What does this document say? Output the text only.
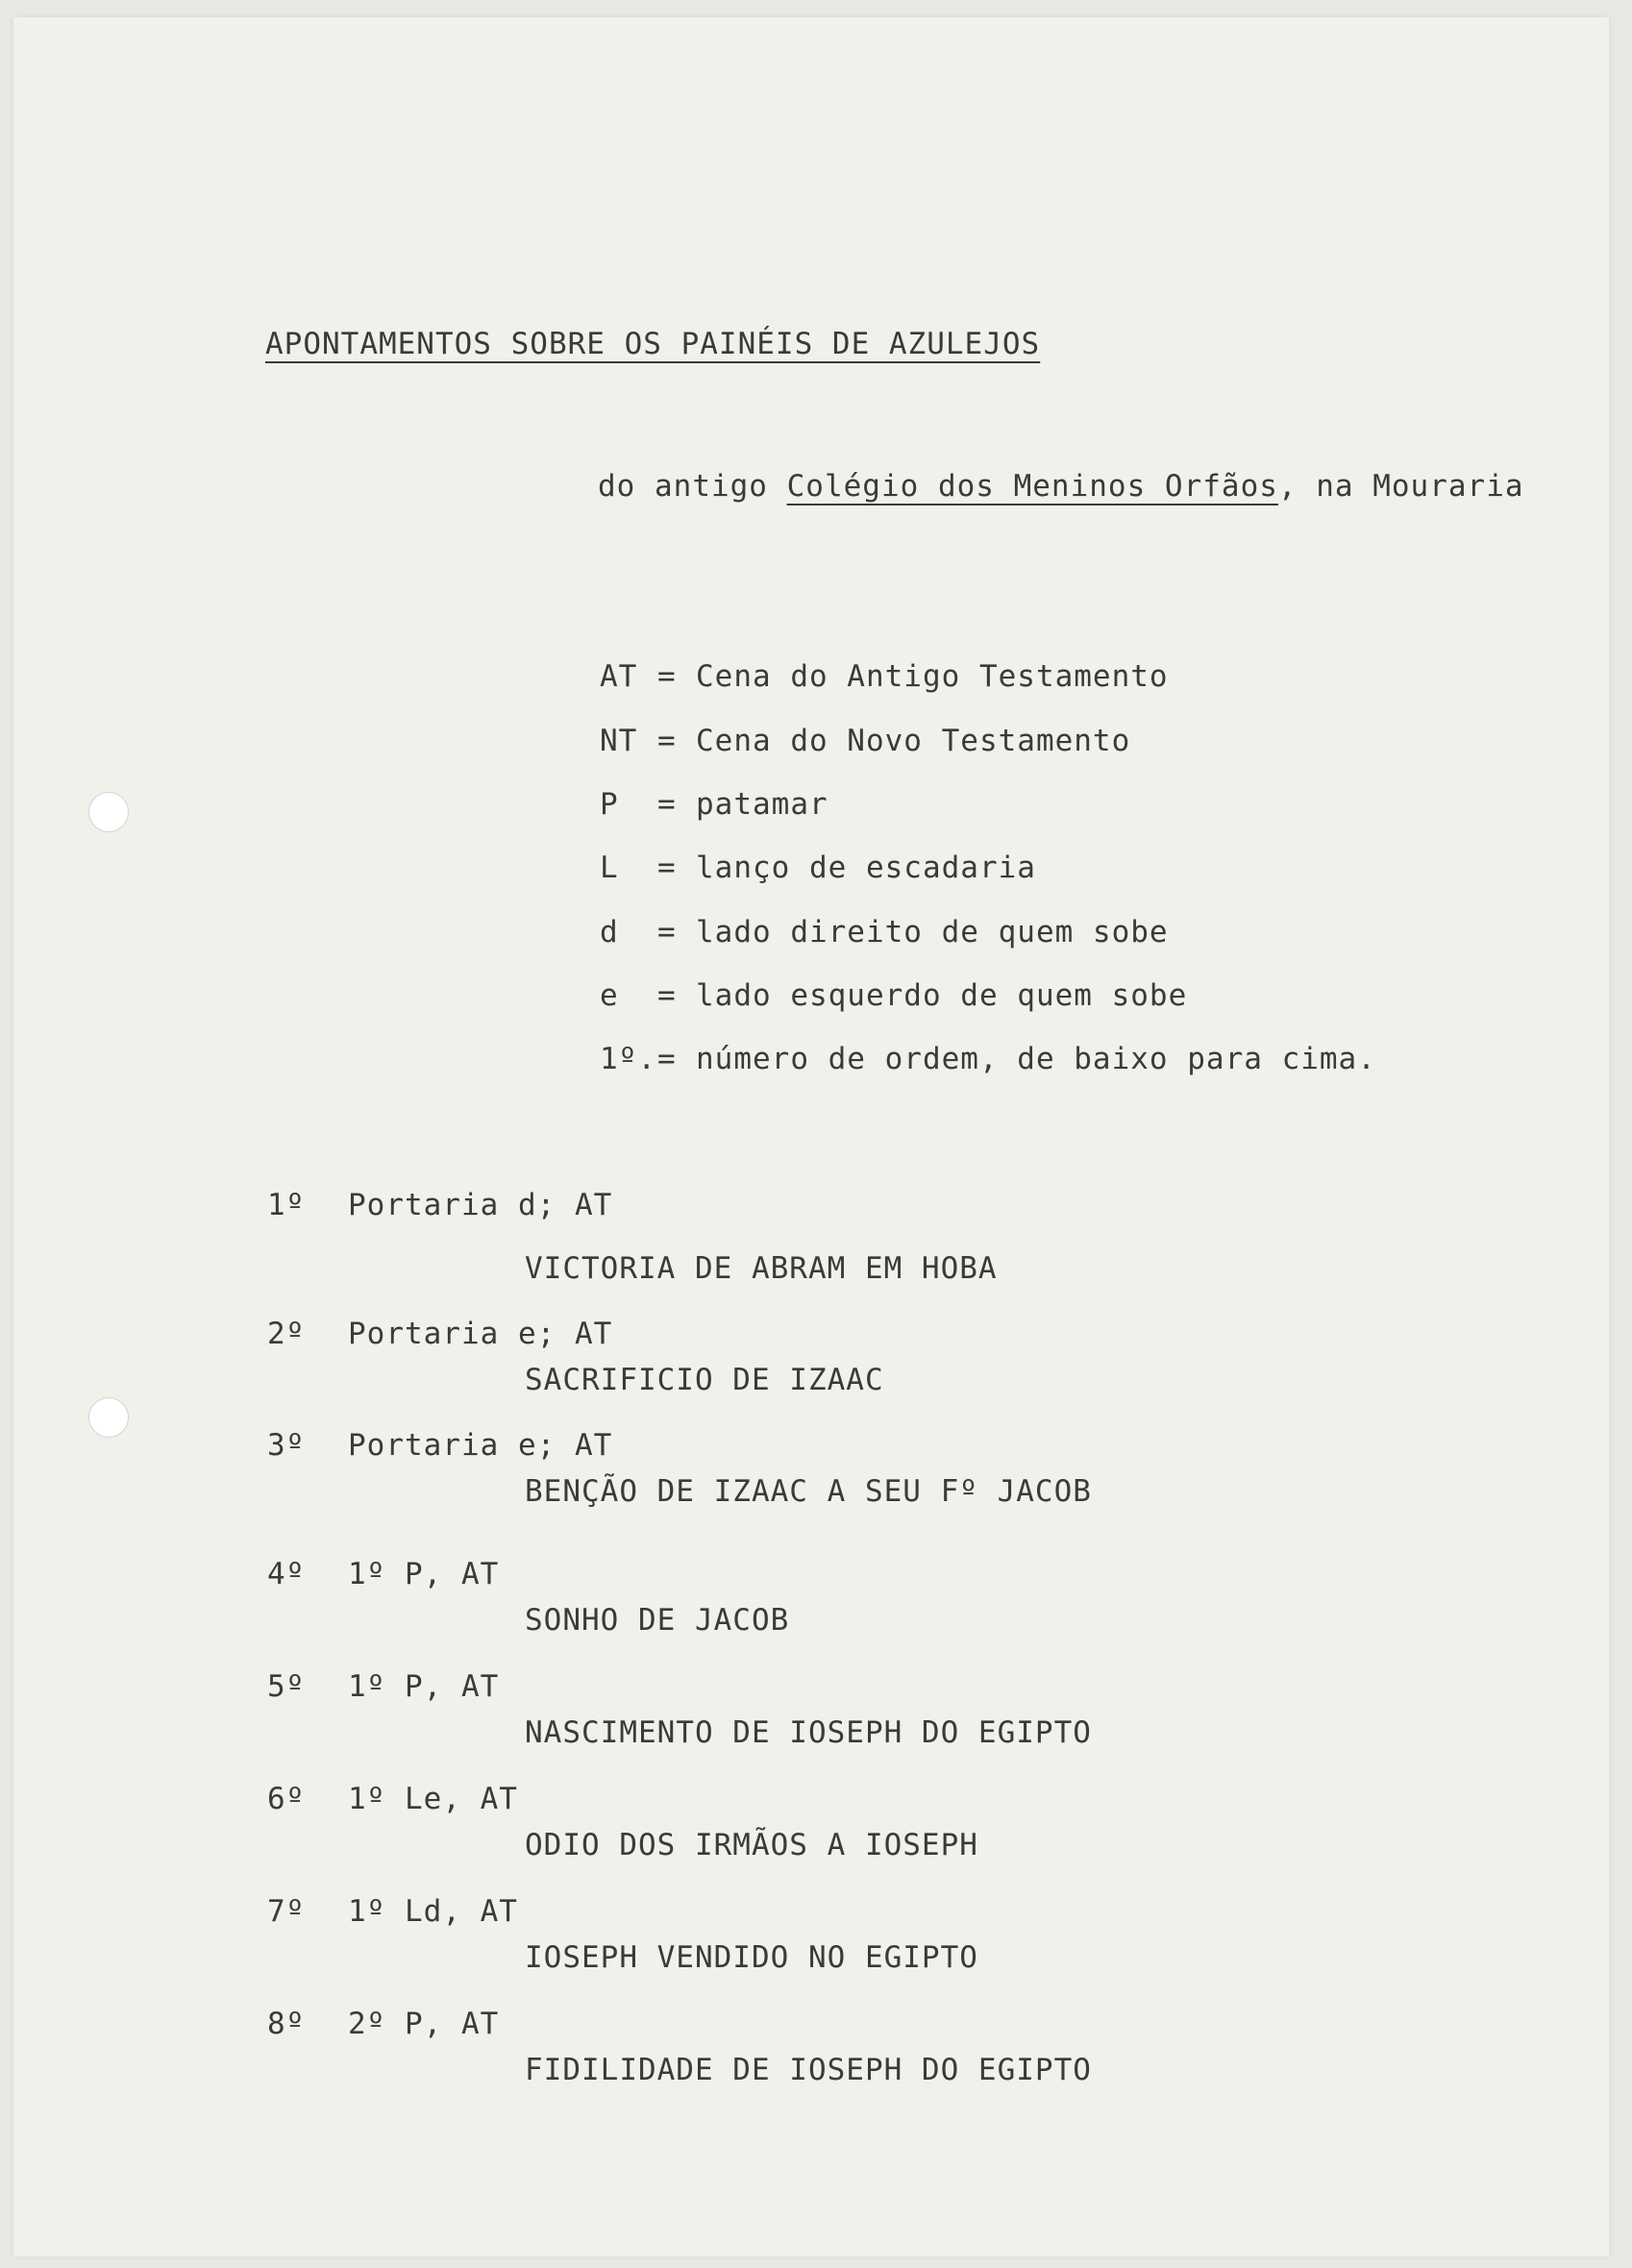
APONTAMENTOS SOBRE OS PAINÉIS DE AZULEJOS
do antigo Colégio dos Meninos Orfãos, na Mouraria
AT = Cena do Antigo Testamento
NT = Cena do Novo Testamento
P = patamar
L = lanço de escadaria
d = lado direito de quem sobe
e = lado esquerdo de quem sobe
1º.= número de ordem, de baixo para cima.
1º Portaria d; AT
VICTORIA DE ABRAM EM HOBA
2º Portaria e; AT
SACRIFICIO DE IZAAC
3º Portaria e; AT
BENÇÃO DE IZAAC A SEU Fº JACOB
4º 1º P, AT
SONHO DE JACOB
5º 1º P, AT
NASCIMENTO DE IOSEPH DO EGIPTO
6º 1º Le, AT
ODIO DOS IRMÃOS A IOSEPH
7º 1º Ld, AT
IOSEPH VENDIDO NO EGIPTO
8º 2º P, AT
FIDILIDADE DE IOSEPH DO EGIPTO
